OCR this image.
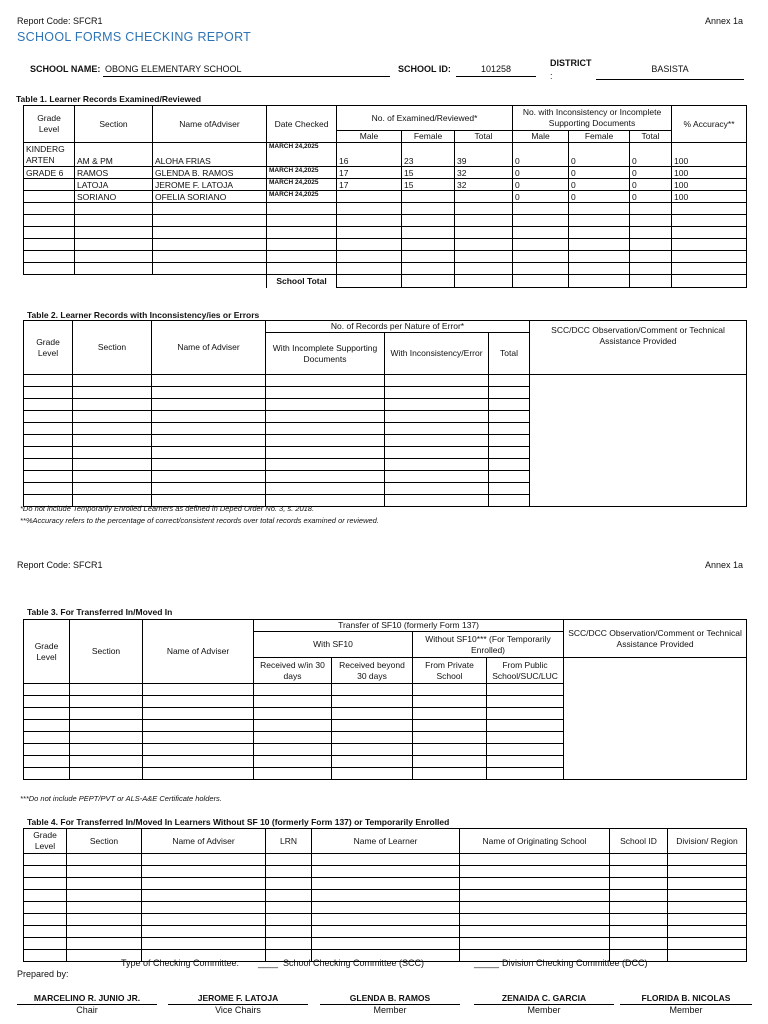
Report Code: SFCR1	Annex 1a
SCHOOL FORMS CHECKING REPORT
SCHOOL NAME: OBONG ELEMENTARY SCHOOL	SCHOOL ID:	101258
DISTRICT
:
BASISTA
Table 1. Learner Records Examined/Reviewed
Grade Level	Section	Name ofAdviser	Date Checked	No. of Examined/Reviewed*			No. with Inconsistency or Incomplete Supporting Documents			% Accuracy**
				Male	Female	Total	Male	Female	Total	
KINDERG ARTEN	AM & PM	ALOHA FRIAS	MARCH 24,2025	16	23	39	0	0	0	100
GRADE 6	RAMOS	GLENDA B. RAMOS	MARCH 24,2025	17	15	32	0	0	0	100
	LATOJA	JEROME F. LATOJA	MARCH 24,2025	17	15	32	0	0	0	100
	SORIANO	OFELIA SORIANO	MARCH 24,2025				0	0	0	100

			School Total							
Table 2. Learner Records with Inconsistency/ies or Errors
Grade Level	Section	Name of Adviser	No. of Records per Nature of Error*			SCC/DCC Observation/Comment or Technical Assistance Provided
			With Incomplete Supporting Documents	With Inconsistency/Error	Total	

*Do not include Temporarily Enrolled Learners as defined in Deped Order No. 3, s. 2018.
**%Accuracy refers to the percentage of correct/consistent records over total records examined or reviewed.
Report Code: SFCR1	Annex 1a
Table 3. For Transferred In/Moved In
Grade Level	Section	Name of Adviser	Transfer of SF10 (formerly Form 137)				SCC/DCC Observation/Comment or Technical Assistance Provided
			With SF10		Without SF10*** (For Temporarily Enrolled)		
			Received w/in 30 days	Received beyond 30 days	From Private School	From Public School/SUC/LUC	

***Do not include PEPT/PVT or ALS-A&E Certificate holders.
Table 4. For Transferred In/Moved In Learners Without SF 10 (formerly Form 137) or Temporarily Enrolled
Grade Level	Section	Name of Adviser	LRN	Name of Learner	Name of Originating School	School ID	Division/ Region

Prepared by:
Type of Checking Committee: ____ School Checking Committee (SCC)	_____ Division Checking Committee (DCC)
MARCELINO R. JUNIO JR.
Chair
JEROME F. LATOJA
Vice Chairs
GLENDA B. RAMOS
Member
ZENAIDA C. GARCIA
Member
FLORIDA B. NICOLAS
Member
